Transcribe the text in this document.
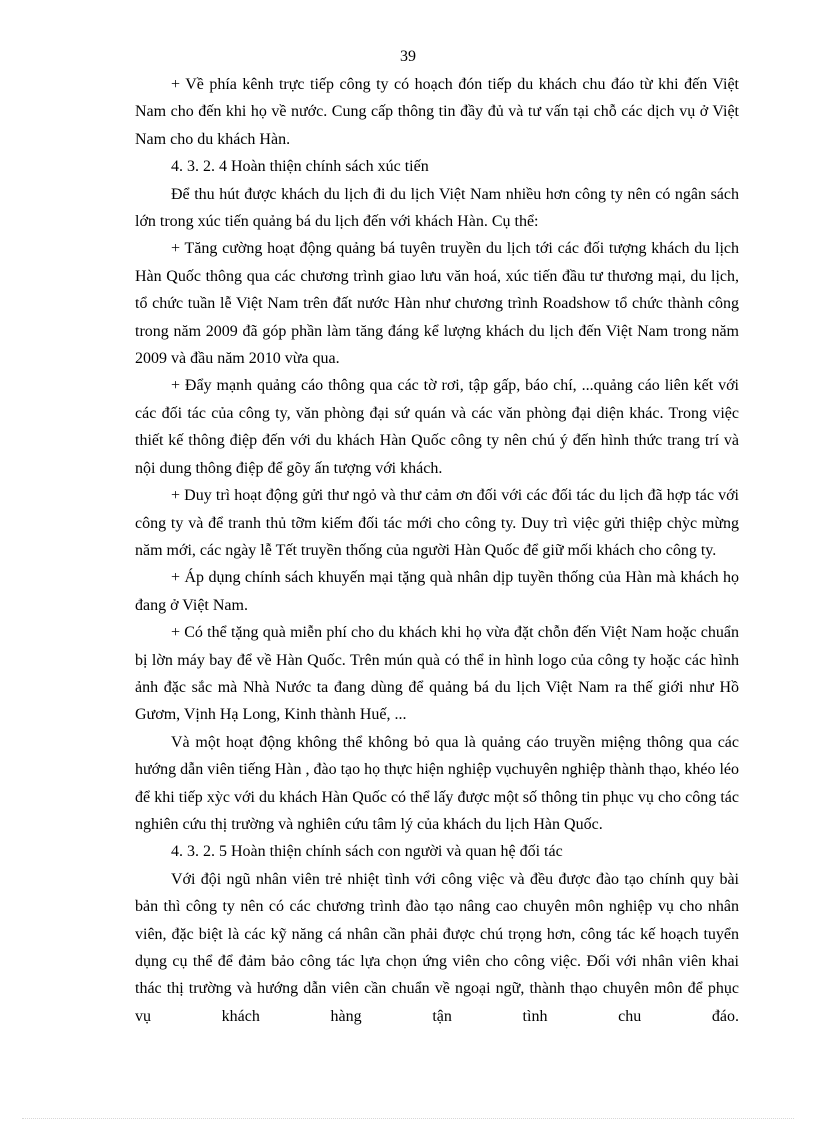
39

+ Về phía kênh trực tiếp công ty có hoạch đón tiếp du khách chu đáo từ khi đến Việt Nam cho đến khi họ về nước. Cung cấp thông tin đầy đủ và tư vấn tại chỗ các dịch vụ ở Việt Nam cho du khách Hàn.

4. 3. 2. 4 Hoàn thiện chính sách xúc tiến

Để thu hút được khách du lịch đi du lịch Việt Nam nhiều hơn công ty nên có ngân sách lớn trong xúc tiến quảng bá du lịch đến với khách Hàn. Cụ thể:

+ Tăng cường hoạt động quảng bá tuyên truyền du lịch tới các đối tượng khách du lịch Hàn Quốc thông qua các chương trình giao lưu văn hoá, xúc tiến đầu tư thương mại, du lịch, tổ chức tuần lễ Việt Nam trên đất nước Hàn như chương trình Roadshow tổ chức thành công trong năm 2009 đã góp phần làm tăng đáng kể lượng khách du lịch đến Việt Nam trong năm 2009 và đầu năm 2010 vừa qua.

+ Đẩy mạnh quảng cáo thông qua các tờ rơi, tập gấp, báo chí, ...quảng cáo liên kết với các đối tác của công ty, văn phòng đại sứ quán và các văn phòng đại diện khác. Trong việc thiết kế thông điệp đến với du khách Hàn Quốc công ty nên chú ý đến hình thức trang trí và nội dung thông điệp để gõy ấn tượng với khách.

+ Duy trì hoạt động gửi thư ngỏ và thư cảm ơn đối với các đối tác du lịch đã hợp tác với công ty và để tranh thủ tỡm kiếm đối tác mới cho công ty. Duy trì việc gửi thiệp chỳc mừng năm mới, các ngày lễ Tết truyền thống của người Hàn Quốc để giữ mối khách cho công ty.

+ Áp dụng chính sách khuyến mại tặng quà nhân dịp tuyền thống của Hàn mà khách họ đang ở Việt Nam.

+ Có thể tặng quà miễn phí cho du khách khi họ vừa đặt chỗn đến Việt Nam hoặc chuẩn bị lờn máy bay để về Hàn Quốc. Trên mún quà có thể in hình logo của công ty hoặc các hình ảnh đặc sắc mà Nhà Nước ta đang dùng để quảng bá du lịch Việt Nam ra thế giới như Hồ Gươm, Vịnh Hạ Long, Kinh thành Huế, ...

Và một hoạt động không thể không bỏ qua là quảng cáo truyền miệng thông qua các hướng dẫn viên tiếng Hàn , đào tạo họ thực hiện nghiệp vụchuyên nghiệp thành thạo, khéo léo để khi tiếp xỳc với du khách Hàn Quốc có thể lấy được một số thông tin phục vụ cho công tác nghiên cứu thị trường và nghiên cứu tâm lý của khách du lịch Hàn Quốc.

4. 3. 2. 5 Hoàn thiện chính sách con người và quan hệ đối tác

Với đội ngũ nhân viên trẻ nhiệt tình với công việc và đều được đào tạo chính quy bài bản thì công ty nên có các chương trình đào tạo nâng cao chuyên môn nghiệp vụ cho nhân viên, đặc biệt là các kỹ năng cá nhân cần phải được chú trọng hơn, công tác kế hoạch tuyển dụng cụ thể để đảm bảo công tác lựa chọn ứng viên cho công việc. Đối với nhân viên khai thác thị trường và hướng dẫn viên cần chuẩn về ngoại ngữ, thành thạo chuyên môn để phục vụ khách hàng tận tình chu đáo.
